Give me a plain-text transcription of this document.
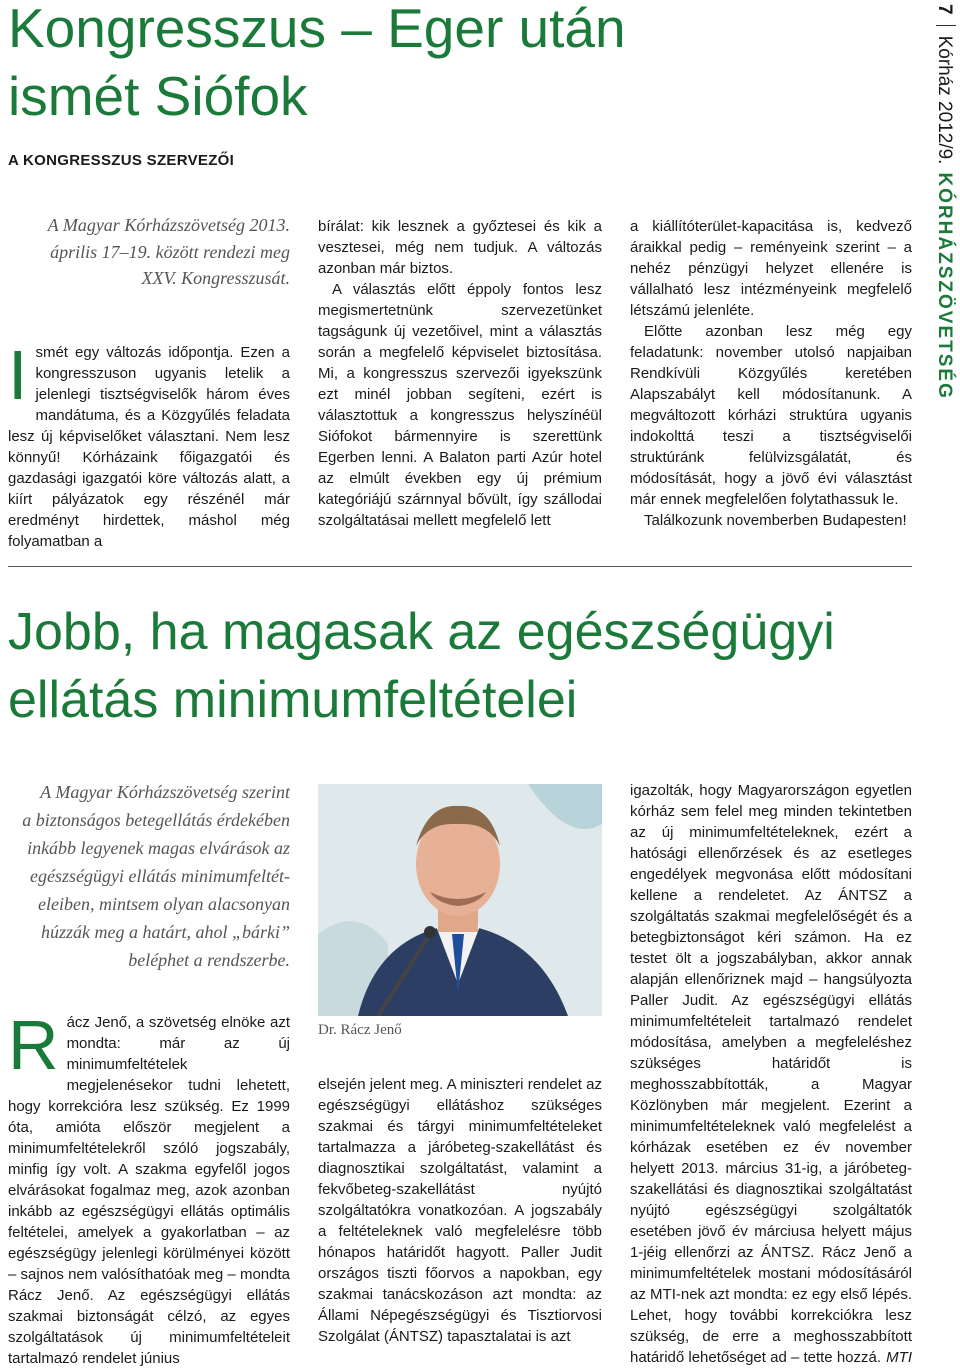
Kongresszus – Eger után
ismét Siófok
A KONGRESSZUS SZERVEZŐI
A Magyar Kórházszövetség 2013.
április 17–19. között rendezi meg
XXV. Kongresszusát.

Ismét egy változás időpontja. Ezen a kongresszuson ugyanis letelik a jelenlegi tisztségviselők három éves mandátuma, és a Közgyűlés feladata lesz új képviselőket választani. Nem lesz könnyű! Kórházaink főigazgatói és gazdasági igazgatói köre változás alatt, a kiírt pályázatok egy részénél már eredményt hirdettek, máshol még folyamatban a

bírálat: kik lesznek a győztesei és kik a vesztesei, még nem tudjuk. A változás azonban már biztos.

A választás előtt éppoly fontos lesz megismertetnünk szervezetünket tagságunk új vezetőivel, mint a választás során a megfelelő képviselet biztosítása. Mi, a kongresszus szervezői igyekszünk ezt minél jobban segíteni, ezért is választottuk a kongresszus helyszínéül Siófokot bármennyire is szerettünk Egerben lenni. A Balaton parti Azúr hotel az elmúlt években egy új prémium kategóriájú szárnnyal bővült, így szállodai szolgáltatásai mellett megfelelő lett

a kiállítóterület-kapacitása is, kedvező áraikkal pedig – reményeink szerint – a nehéz pénzügyi helyzet ellenére is vállalható lesz intézményeink megfelelő létszámú jelenléte.

Előtte azonban lesz még egy feladatunk: november utolsó napjaiban Rendkívüli Közgyűlés keretében Alapszabályt kell módosítanunk. A megváltozott kórházi struktúra ugyanis indokolttá teszi a tisztségviselői struktúránk felülvizsgálatát, és módosítását, hogy a jövő évi választást már ennek megfelelően folytathassuk le.

Találkozunk novemberben Budapesten!

7Kórház 2012/9.KÓRHÁZSZÖVETSÉG
Jobb, ha magasak az egészségügyi
ellátás minimumfeltételei
A Magyar Kórházszövetség szerint
a biztonságos betegellátás érdekében
inkább legyenek magas elvárások az
egészségügyi ellátás minimumfeltét-
eleiben, mintsem olyan alacsonyan
húzzák meg a határt, ahol „bárki”
beléphet a rendszerbe.

Rácz Jenő, a szövetség elnöke azt mondta: már az új minimumfeltételek megjelenésekor tudni lehetett, hogy korrekcióra lesz szükség. Ez 1999 óta, amióta először megjelent a minimumfeltételekről szóló jogszabály, minfig így volt. A szakma egyfelől jogos elvárásokat fogalmaz meg, azok azonban inkább az egészségügyi ellátás optimális feltételei, amelyek a gyakorlatban – az egészségügy jelenlegi körülményei között – sajnos nem valósíthatóak meg – mondta Rácz Jenő. Az egészségügyi ellátás szakmai biztonságát célzó, az egyes szolgáltatások új minimumfeltételeit tartalmazó rendelet június

Dr. Rácz Jenő

elsején jelent meg. A miniszteri rendelet az egészségügyi ellátáshoz szükséges szakmai és tárgyi minimumfeltételeket tartalmazza a járóbeteg-szakellátást és diagnosztikai szolgáltatást, valamint a fekvőbeteg-szakellátást nyújtó szolgáltatókra vonatkozóan. A jogszabály a feltételeknek való megfelelésre több hónapos határidőt hagyott. Paller Judit országos tiszti főorvos a napokban, egy szakmai tanácskozáson azt mondta: az Állami Népegészségügyi és Tisztiorvosi Szolgálat (ÁNTSZ) tapasztalatai is azt

igazolták, hogy Magyarországon egyetlen kórház sem felel meg minden tekintetben az új minimumfeltételeknek, ezért a hatósági ellenőrzések és az esetleges engedélyek megvonása előtt módosítani kellene a rendeletet. Az ÁNTSZ a szolgáltatás szakmai megfelelőségét és a betegbiztonságot kéri számon. Ha ez testet ölt a jogszabályban, akkor annak alapján ellenőriznek majd – hangsúlyozta Paller Judit. Az egészségügyi ellátás minimumfeltételeit tartalmazó rendelet módosítása, amelyben a megfeleléshez szükséges határidőt is meghosszabbították, a Magyar Közlönyben már megjelent. Ezerint a minimumfeltételeknek való megfelelést a kórházak esetében ez év november helyett 2013. március 31-ig, a járóbeteg-szakellátási és diagnosztikai szolgáltatást nyújtó egészségügyi szolgáltatók esetében jövő év márciusa helyett május 1-jéig ellenőrzi az ÁNTSZ. Rácz Jenő a minimumfeltételek mostani módosításáról az MTI-nek azt mondta: ez egy első lépés. Lehet, hogy további korrekciókra lesz szükség, de erre a meghosszabbított határidő lehetőséget ad – tette hozzá. MTI
